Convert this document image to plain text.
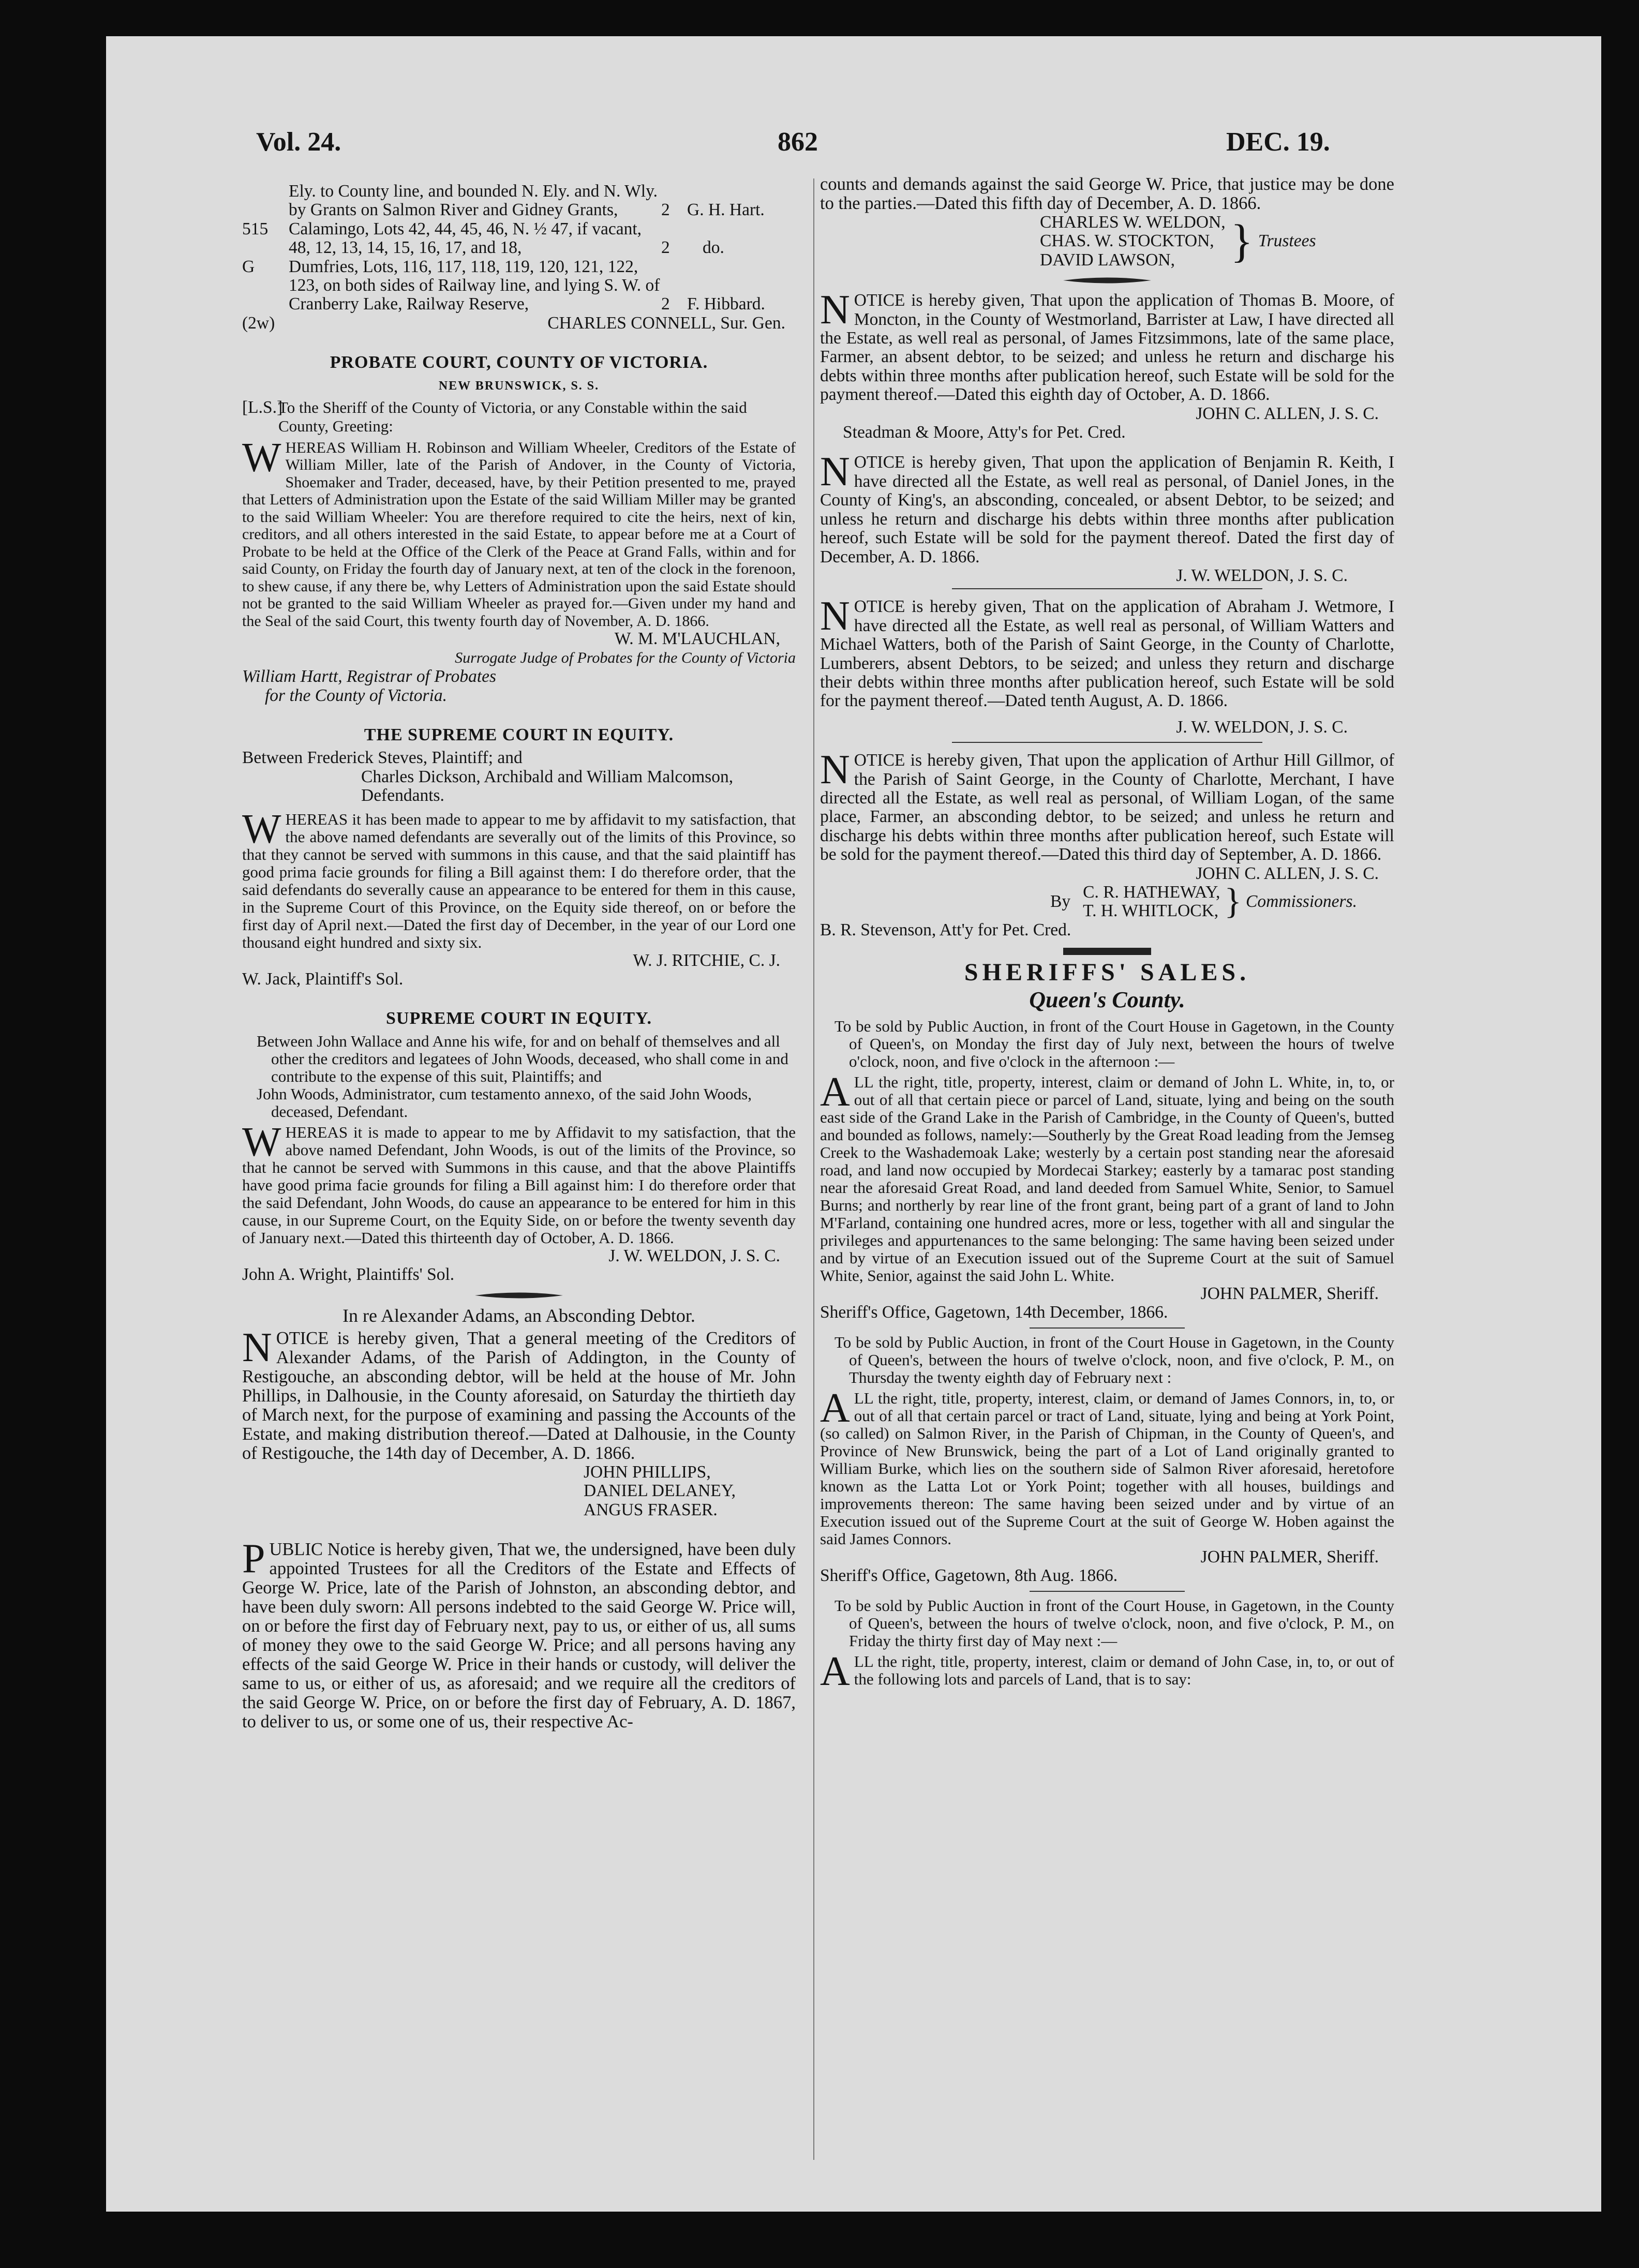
Vol. 24.	862	DEC. 19.
	Ely. to County line, and bounded N. Ely. and N. Wly. by Grants on Salmon River and Gidney Grants,	2	G. H. Hart.
515	Calamingo, Lots 42, 44, 45, 46, N. ½ 47, if vacant, 48, 12, 13, 14, 15, 16, 17, and 18,	2	do.
G	Dumfries, Lots, 116, 117, 118, 119, 120, 121, 122, 123, on both sides of Railway line, and lying S. W. of Cranberry Lake, Railway Reserve,	2	F. Hibbard.

(2w)	CHARLES CONNELL, Sur. Gen.

PROBATE COURT, COUNTY OF VICTORIA.

NEW BRUNSWICK, S. S.

[L.S.]

To the Sheriff of the County of Victoria, or any Constable within the said County, Greeting:

WHEREAS William H. Robinson and William Wheeler, Creditors of the Estate of William Miller, late of the Parish of Andover, in the County of Victoria, Shoemaker and Trader, deceased, have, by their Petition presented to me, prayed that Letters of Administration upon the Estate of the said William Miller may be granted to the said William Wheeler: You are therefore required to cite the heirs, next of kin, creditors, and all others interested in the said Estate, to appear before me at a Court of Probate to be held at the Office of the Clerk of the Peace at Grand Falls, within and for said County, on Friday the fourth day of January next, at ten of the clock in the forenoon, to shew cause, if any there be, why Letters of Administration upon the said Estate should not be granted to the said William Wheeler as prayed for.—Given under my hand and the Seal of the said Court, this twenty fourth day of November, A. D. 1866.

W. M. M'LAUCHLAN,

Surrogate Judge of Probates for the County of Victoria

William Hartt, Registrar of Probates

for the County of Victoria.

THE SUPREME COURT IN EQUITY.

Between Frederick Steves, Plaintiff; and

Charles Dickson, Archibald and William Malcomson, Defendants.

WHEREAS it has been made to appear to me by affidavit to my satisfaction, that the above named defendants are severally out of the limits of this Province, so that they cannot be served with summons in this cause, and that the said plaintiff has good prima facie grounds for filing a Bill against them: I do therefore order, that the said defendants do severally cause an appearance to be entered for them in this cause, in the Supreme Court of this Province, on the Equity side thereof, on or before the first day of April next.—Dated the first day of December, in the year of our Lord one thousand eight hundred and sixty six.

W. J. RITCHIE, C. J.

W. Jack, Plaintiff's Sol.

SUPREME COURT IN EQUITY.

Between John Wallace and Anne his wife, for and on behalf of themselves and all other the creditors and legatees of John Woods, deceased, who shall come in and contribute to the expense of this suit, Plaintiffs; and

John Woods, Administrator, cum testamento annexo, of the said John Woods, deceased, Defendant.

WHEREAS it is made to appear to me by Affidavit to my satisfaction, that the above named Defendant, John Woods, is out of the limits of the Province, so that he cannot be served with Summons in this cause, and that the above Plaintiffs have good prima facie grounds for filing a Bill against him: I do therefore order that the said Defendant, John Woods, do cause an appearance to be entered for him in this cause, in our Supreme Court, on the Equity Side, on or before the twenty seventh day of January next.—Dated this thirteenth day of October, A. D. 1866.

J. W. WELDON, J. S. C.

John A. Wright, Plaintiffs' Sol.

In re Alexander Adams, an Absconding Debtor.

NOTICE is hereby given, That a general meeting of the Creditors of Alexander Adams, of the Parish of Addington, in the County of Restigouche, an absconding debtor, will be held at the house of Mr. John Phillips, in Dalhousie, in the County aforesaid, on Saturday the thirtieth day of March next, for the purpose of examining and passing the Accounts of the Estate, and making distribution thereof.—Dated at Dalhousie, in the County of Restigouche, the 14th day of December, A. D. 1866.

JOHN PHILLIPS,

DANIEL DELANEY,

ANGUS FRASER.

PUBLIC Notice is hereby given, That we, the undersigned, have been duly appointed Trustees for all the Creditors of the Estate and Effects of George W. Price, late of the Parish of Johnston, an absconding debtor, and have been duly sworn: All persons indebted to the said George W. Price will, on or before the first day of February next, pay to us, or either of us, all sums of money they owe to the said George W. Price; and all persons having any effects of the said George W. Price in their hands or custody, will deliver the same to us, or either of us, as aforesaid; and we require all the creditors of the said George W. Price, on or before the first day of February, A. D. 1867, to deliver to us, or some one of us, their respective Ac-

counts and demands against the said George W. Price, that justice may be done to the parties.—Dated this fifth day of December, A. D. 1866.

CHARLES W. WELDON,

CHAS. W. STOCKTON,

DAVID LAWSON,	} Trustees

NOTICE is hereby given, That upon the application of Thomas B. Moore, of Moncton, in the County of Westmorland, Barrister at Law, I have directed all the Estate, as well real as personal, of James Fitzsimmons, late of the same place, Farmer, an absent debtor, to be seized; and unless he return and discharge his debts within three months after publication hereof, such Estate will be sold for the payment thereof.—Dated this eighth day of October, A. D. 1866.

JOHN C. ALLEN, J. S. C.

Steadman & Moore, Atty's for Pet. Cred.

NOTICE is hereby given, That upon the application of Benjamin R. Keith, I have directed all the Estate, as well real as personal, of Daniel Jones, in the County of King's, an absconding, concealed, or absent Debtor, to be seized; and unless he return and discharge his debts within three months after publication hereof, such Estate will be sold for the payment thereof. Dated the first day of December, A. D. 1866.

J. W. WELDON, J. S. C.

NOTICE is hereby given, That on the application of Abraham J. Wetmore, I have directed all the Estate, as well real as personal, of William Watters and Michael Watters, both of the Parish of Saint George, in the County of Charlotte, Lumberers, absent Debtors, to be seized; and unless they return and discharge their debts within three months after publication hereof, such Estate will be sold for the payment thereof.—Dated tenth August, A. D. 1866.

J. W. WELDON, J. S. C.

NOTICE is hereby given, That upon the application of Arthur Hill Gillmor, of the Parish of Saint George, in the County of Charlotte, Merchant, I have directed all the Estate, as well real as personal, of William Logan, of the same place, Farmer, an absconding debtor, to be seized; and unless he return and discharge his debts within three months after publication hereof, such Estate will be sold for the payment thereof.—Dated this third day of September, A. D. 1866.

JOHN C. ALLEN, J. S. C.

By C. R. HATHEWAY,

T. H. WHITLOCK, } Commissioners.

B. R. Stevenson, Att'y for Pet. Cred.

SHERIFFS' SALES.

Queen's County.

To be sold by Public Auction, in front of the Court House in Gagetown, in the County of Queen's, on Monday the first day of July next, between the hours of twelve o'clock, noon, and five o'clock in the afternoon :—

ALL the right, title, property, interest, claim or demand of John L. White, in, to, or out of all that certain piece or parcel of Land, situate, lying and being on the south east side of the Grand Lake in the Parish of Cambridge, in the County of Queen's, butted and bounded as follows, namely:—Southerly by the Great Road leading from the Jemseg Creek to the Washademoak Lake; westerly by a certain post standing near the aforesaid road, and land now occupied by Mordecai Starkey; easterly by a tamarac post standing near the aforesaid Great Road, and land deeded from Samuel White, Senior, to Samuel Burns; and northerly by rear line of the front grant, being part of a grant of land to John M'Farland, containing one hundred acres, more or less, together with all and singular the privileges and appurtenances to the same belonging: The same having been seized under and by virtue of an Execution issued out of the Supreme Court at the suit of Samuel White, Senior, against the said John L. White.

JOHN PALMER, Sheriff.

Sheriff's Office, Gagetown, 14th December, 1866.

To be sold by Public Auction, in front of the Court House in Gagetown, in the County of Queen's, between the hours of twelve o'clock, noon, and five o'clock, P. M., on Thursday the twenty eighth day of February next :

ALL the right, title, property, interest, claim, or demand of James Connors, in, to, or out of all that certain parcel or tract of Land, situate, lying and being at York Point, (so called) on Salmon River, in the Parish of Chipman, in the County of Queen's, and Province of New Brunswick, being the part of a Lot of Land originally granted to William Burke, which lies on the southern side of Salmon River aforesaid, heretofore known as the Latta Lot or York Point; together with all houses, buildings and improvements thereon: The same having been seized under and by virtue of an Execution issued out of the Supreme Court at the suit of George W. Hoben against the said James Connors.

JOHN PALMER, Sheriff.

Sheriff's Office, Gagetown, 8th Aug. 1866.

To be sold by Public Auction in front of the Court House, in Gagetown, in the County of Queen's, between the hours of twelve o'clock, noon, and five o'clock, P. M., on Friday the thirty first day of May next :—

ALL the right, title, property, interest, claim or demand of John Case, in, to, or out of the following lots and parcels of Land, that is to say:
